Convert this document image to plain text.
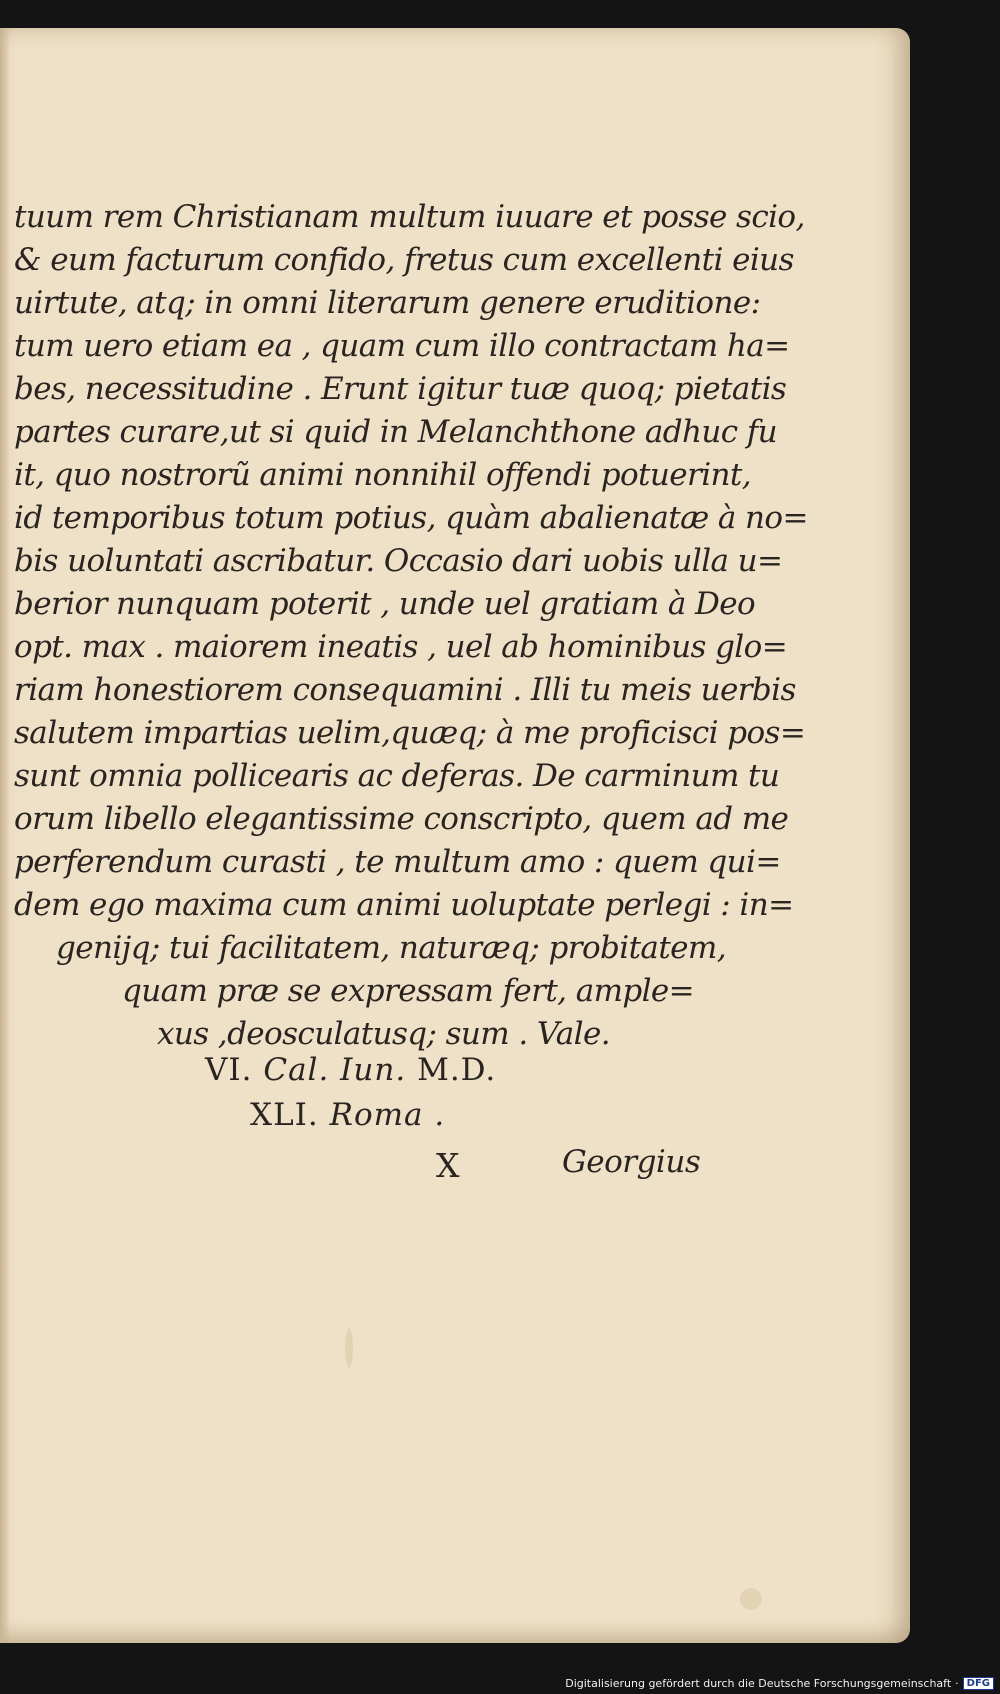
tuum rem Christianam multum iuuare et posse scio,
& eum facturum confido, fretus cum excellenti eius
uirtute, atq; in omni literarum genere eruditione:
tum uero etiam ea , quam cum illo contractam ha=
bes, necessitudine . Erunt igitur tuæ quoq; pietatis
partes curare,ut si quid in Melanchthone adhuc fu
it, quo nostrorũ animi nonnihil offendi potuerint,
id temporibus totum potius, quàm abalienatæ à no=
bis uoluntati ascribatur. Occasio dari uobis ulla u=
berior nunquam poterit , unde uel gratiam à Deo
opt. max . maiorem ineatis , uel ab hominibus glo=
riam honestiorem consequamini . Illi tu meis uerbis
salutem impartias uelim,quæq; à me proficisci pos=
sunt omnia pollicearis ac deferas. De carminum tu
orum libello elegantissime conscripto, quem ad me
perferendum curasti , te multum amo : quem qui=
dem ego maxima cum animi uoluptate perlegi : in=
genijq; tui facilitatem, naturæq; probitatem,
quam præ se expressam fert, ample=
xus ,deosculatusq; sum . Vale.
VI. Cal. Iun. M.D.
XLI. Roma .
X	Georgius
Digitalisierung gefördert durch die Deutsche Forschungsgemeinschaft · DFG
